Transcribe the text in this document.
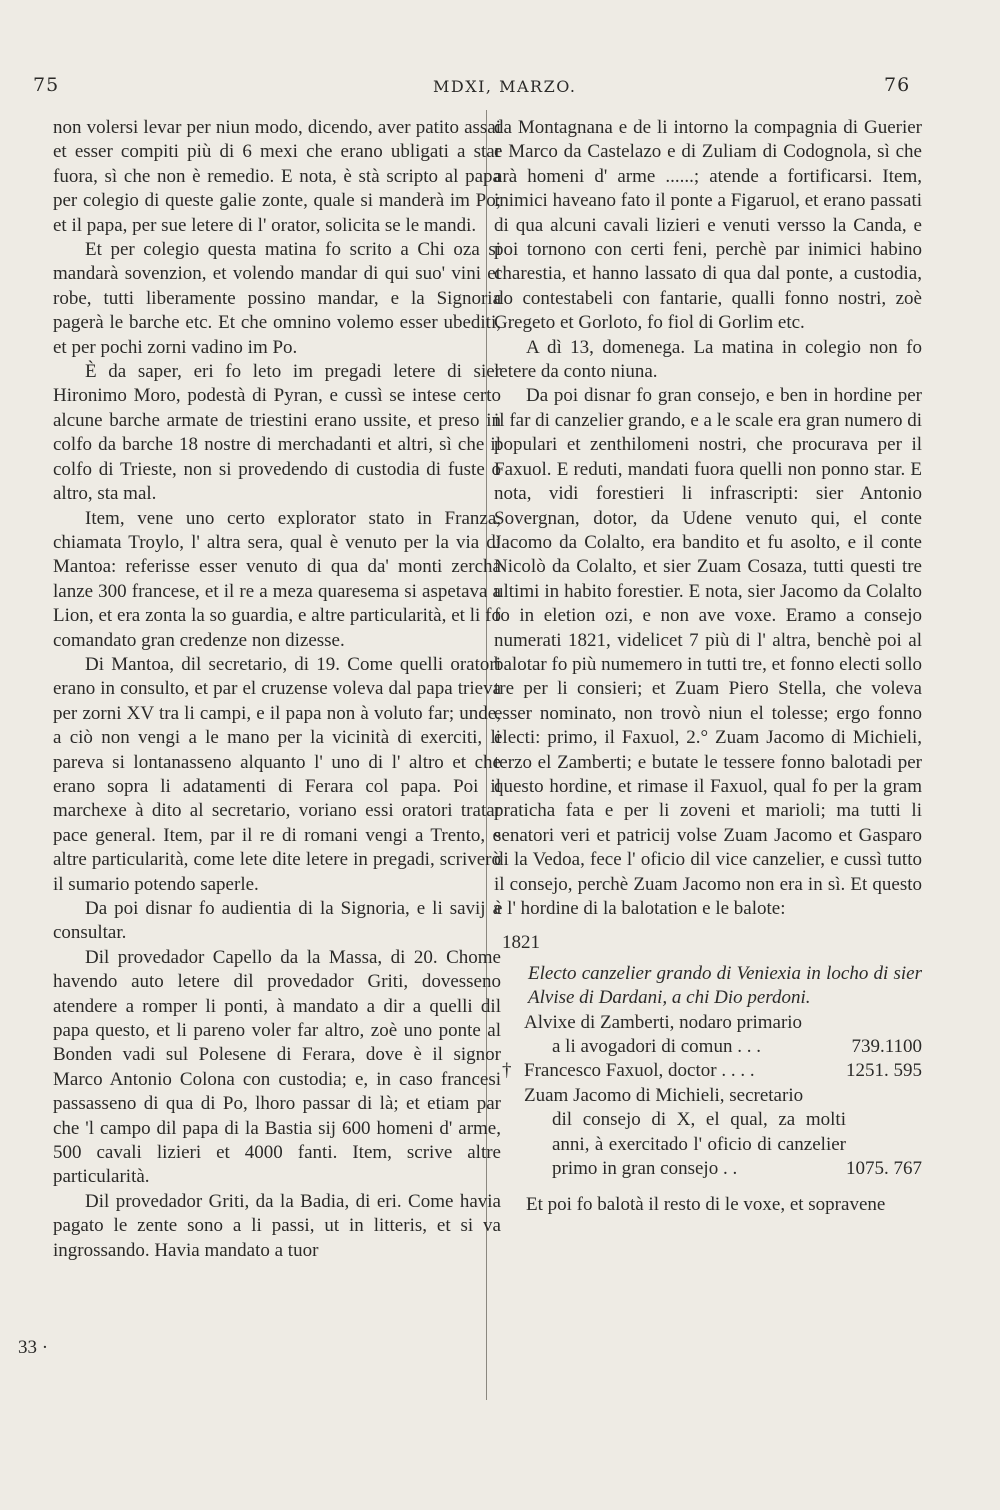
75	MDXI, MARZO.	76
33 ·

non volersi levar per niun modo, dicendo, aver patito assai et esser compiti più di 6 mexi che erano ubligati a star fuora, sì che non è remedio. E nota, è stà scripto al papa per colegio di queste galie zonte, quale si manderà im Po; et il papa, per sue letere di l' orator, solicita se le mandi.

Et per colegio questa matina fo scrito a Chi oza si mandarà sovenzion, et volendo mandar di qui suo' vini et robe, tutti liberamente possino mandar, e la Signoria pagerà le barche etc. Et che omnino volemo esser ubediti, et per pochi zorni vadino im Po.

È da saper, eri fo leto im pregadi letere di sier Hironimo Moro, podestà di Pyran, e cussì se intese certo alcune barche armate de triestini erano ussite, et preso in colfo da barche 18 nostre di merchadanti et altri, sì che il colfo di Trieste, non si provedendo di custodia di fuste o altro, sta mal.

Item, vene uno certo explorator stato in Franza, chiamata Troylo, l' altra sera, qual è venuto per la via di Mantoa: referisse esser venuto di qua da' monti zercha lanze 300 francese, et il re a meza quaresema si aspetava a Lion, et era zonta la so guardia, e altre particularità, et li fo comandato gran credenze non dizesse.

Di Mantoa, dil secretario, di 19. Come quelli oratori erano in consulto, et par el cruzense voleva dal papa trieva per zorni XV tra li campi, e il papa non à voluto far; unde, a ciò non vengi a le mano per la vicinità di exerciti, li pareva si lontanasseno alquanto l' uno di l' altro et che erano sopra li adatamenti di Ferara col papa. Poi il marchexe à dito al secretario, voriano essi oratori tratar pace general. Item, par il re di romani vengi a Trento, e altre particularità, come lete dite letere in pregadi, scriverò il sumario potendo saperle.

Da poi disnar fo audientia di la Signoria, e li savij a consultar.

Dil provedador Capello da la Massa, di 20. Chome havendo auto letere dil provedador Griti, dovesseno atendere a romper li ponti, à mandato a dir a quelli dil papa questo, et li pareno voler far altro, zoè uno ponte al Bonden vadi sul Polesene di Ferara, dove è il signor Marco Antonio Colona con custodia; e, in caso francesi passasseno di qua di Po, lhoro passar di là; et etiam par che 'l campo dil papa di la Bastia sij 600 homeni d' arme, 500 cavali lizieri et 4000 fanti. Item, scrive altre particularità.

Dil provedador Griti, da la Badia, di eri. Come havia pagato le zente sono a li passi, ut in litteris, et si va ingrossando. Havia mandato a tuor

da Montagnana e de li intorno la compagnia di Guerier e Marco da Castelazo e di Zuliam di Codognola, sì che arà homeni d' arme ......; atende a fortificarsi. Item, inimici haveano fato il ponte a Figaruol, et erano passati di qua alcuni cavali lizieri e venuti versso la Canda, e poi tornono con certi feni, perchè par inimici habino charestia, et hanno lassato di qua dal ponte, a custodia, do contestabeli con fantarie, qualli fonno nostri, zoè Gregeto et Gorloto, fo fiol di Gorlim etc.

A dì 13, domenega. La matina in colegio non fo letere da conto niuna.

Da poi disnar fo gran consejo, e ben in hordine per il far di canzelier grando, e a le scale era gran numero di populari et zenthilomeni nostri, che procurava per il Faxuol. E reduti, mandati fuora quelli non ponno star. E nota, vidi forestieri li infrascripti: sier Antonio Sovergnan, dotor, da Udene venuto qui, el conte Jacomo da Colalto, era bandito et fu asolto, e il conte Nicolò da Colalto, et sier Zuam Cosaza, tutti questi tre ultimi in habito forestier. E nota, sier Jacomo da Colalto fo in eletion ozi, e non ave voxe. Eramo a consejo numerati 1821, videlicet 7 più di l' altra, benchè poi al balotar fo più numemero in tutti tre, et fonno electi sollo tre per li consieri; et Zuam Piero Stella, che voleva esser nominato, non trovò niun el tolesse; ergo fonno electi: primo, il Faxuol, 2.° Zuam Jacomo di Michieli, terzo el Zamberti; e butate le tessere fonno balotadi per questo hordine, et rimase il Faxuol, qual fo per la gram praticha fata e per li zoveni et marioli; ma tutti li senatori veri et patricij volse Zuam Jacomo et Gasparo di la Vedoa, fece l' oficio dil vice canzelier, e cussì tutto il consejo, perchè Zuam Jacomo non era in sì. Et questo è l' hordine di la balotation e le balote:

1821

Electo canzelier grando di Veniexia in locho di sier Alvise di Dardani, a chi Dio perdoni.

Alvixe di Zamberti, nodaro primario
a li avogadori di comun . . .	739.1100
† Francesco Faxuol, doctor . . . .	1251. 595
Zuam Jacomo di Michieli, secretario
dil consejo di X, el qual, za molti anni, à exercitado l' oficio di canzelier primo in gran consejo . .	1075. 767

Et poi fo balotà il resto di le voxe, et sopravene
